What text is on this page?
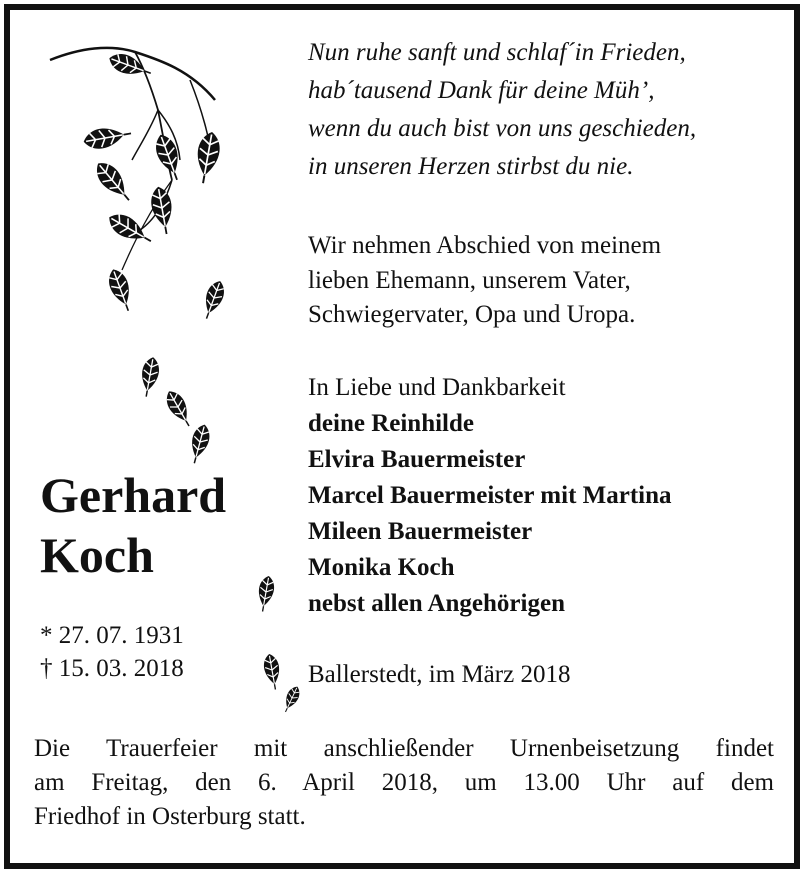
Nun ruhe sanft und schlaf´in Frieden,
hab´tausend Dank für deine Müh’,
wenn du auch bist von uns geschieden,
in unseren Herzen stirbst du nie.
Wir nehmen Abschied von meinem
lieben Ehemann, unserem Vater,
Schwiegervater, Opa und Uropa.
In Liebe und Dankbarkeit
deine Reinhilde
Elvira Bauermeister
Marcel Bauermeister mit Martina
Mileen Bauermeister
Monika Koch
nebst allen Angehörigen
Ballerstedt, im März 2018
Gerhard
Koch
* 27. 07. 1931
† 15. 03. 2018
Die Trauerfeier mit anschließender Urnenbeisetzung findet
am Freitag, den 6. April 2018, um 13.00 Uhr auf dem
Friedhof in Osterburg statt.
